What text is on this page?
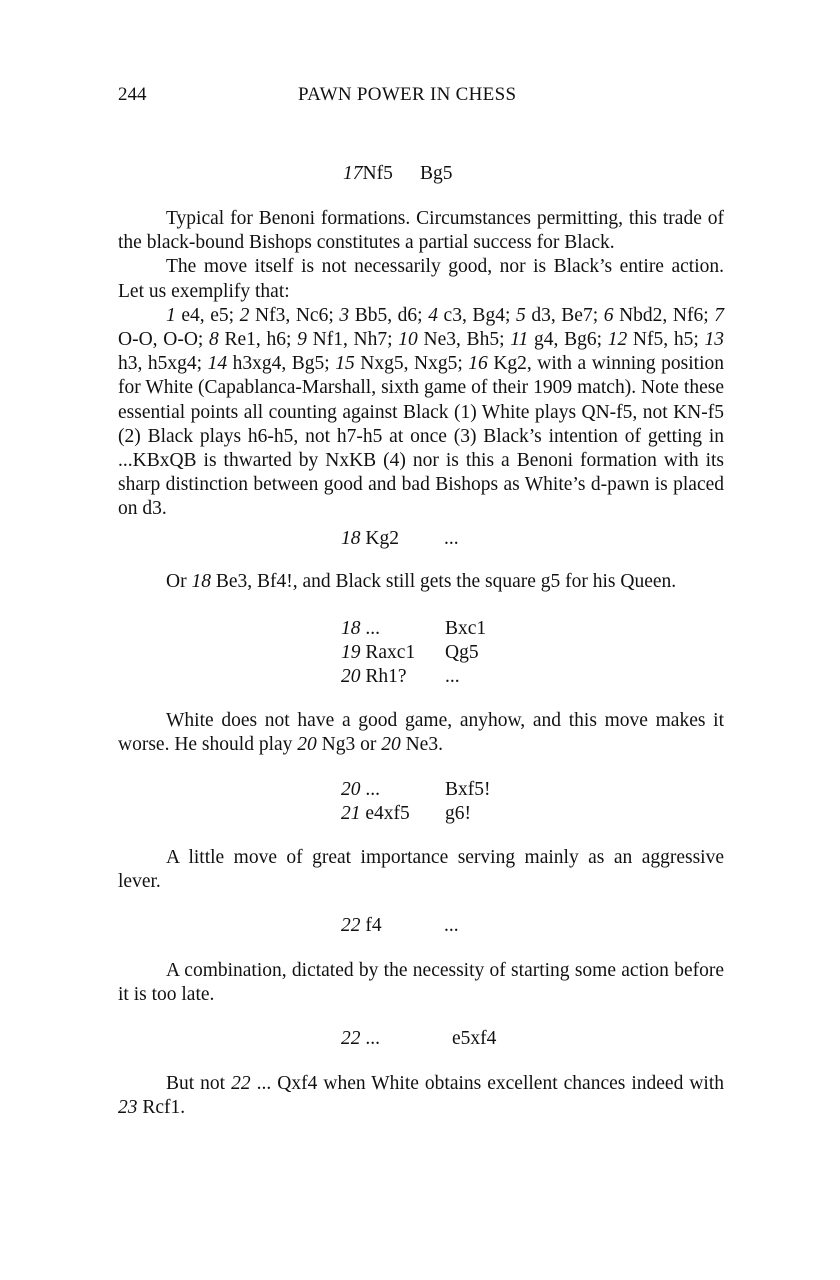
244	PAWN POWER IN CHESS
17Nf5 Bg5

Typical for Benoni formations. Circumstances permitting, this trade of the black-bound Bishops constitutes a partial success for Black.

The move itself is not necessarily good, nor is Black’s entire action. Let us exemplify that:

1 e4, e5; 2 Nf3, Nc6; 3 Bb5, d6; 4 c3, Bg4; 5 d3, Be7; 6 Nbd2, Nf6; 7 O-O, O-O; 8 Re1, h6; 9 Nf1, Nh7; 10 Ne3, Bh5; 11 g4, Bg6; 12 Nf5, h5; 13 h3, h5xg4; 14 h3xg4, Bg5; 15 Nxg5, Nxg5; 16 Kg2, with a winning position for White (Capablanca-Marshall, sixth game of their 1909 match). Note these essential points all counting against Black (1) White plays QN-f5, not KN-f5 (2) Black plays h6-h5, not h7-h5 at once (3) Black’s intention of getting in ...KBxQB is thwarted by NxKB (4) nor is this a Benoni formation with its sharp distinction between good and bad Bishops as White’s d-pawn is placed on d3.

18 Kg2 ...

Or 18 Be3, Bf4!, and Black still gets the square g5 for his Queen.

18 ...	Bxc1
19 Raxc1 Qg5
20 Rh1? ...

White does not have a good game, anyhow, and this move makes it worse. He should play 20 Ng3 or 20 Ne3.

20 ...	Bxf5!
21 e4xf5 g6!

A little move of great importance serving mainly as an aggressive lever.

22 f4	...

A combination, dictated by the necessity of starting some action before it is too late.

22 ...	e5xf4

But not 22 ... Qxf4 when White obtains excellent chances indeed with 23 Rcf1.
